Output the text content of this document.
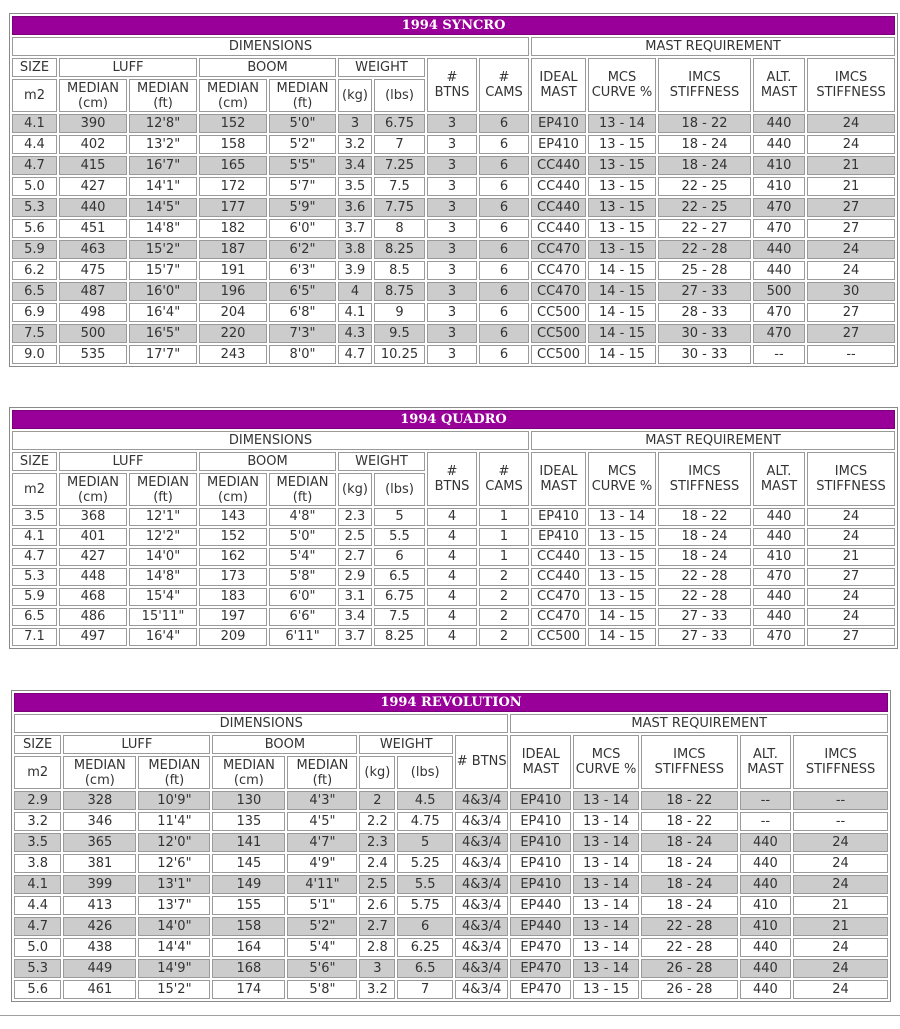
1994 SYNCRO													
DIMENSIONS									MAST REQUIREMENT				
SIZE	LUFF		BOOM		WEIGHT		# BTNS	# CAMS	IDEAL MAST	MCS CURVE %	IMCS STIFFNESS	ALT. MAST	IMCS STIFFNESS
m2	MEDIAN (cm)	MEDIAN (ft)	MEDIAN (cm)	MEDIAN (ft)	(kg)	(lbs)							
4.1	390	12'8"	152	5'0"	3	6.75	3	6	EP410	13 - 14	18 - 22	440	24
4.4	402	13'2"	158	5'2"	3.2	7	3	6	EP410	13 - 15	18 - 24	440	24
4.7	415	16'7"	165	5'5"	3.4	7.25	3	6	CC440	13 - 15	18 - 24	410	21
5.0	427	14'1"	172	5'7"	3.5	7.5	3	6	CC440	13 - 15	22 - 25	410	21
5.3	440	14'5"	177	5'9"	3.6	7.75	3	6	CC440	13 - 15	22 - 25	470	27
5.6	451	14'8"	182	6'0"	3.7	8	3	6	CC440	13 - 15	22 - 27	470	27
5.9	463	15'2"	187	6'2"	3.8	8.25	3	6	CC470	13 - 15	22 - 28	440	24
6.2	475	15'7"	191	6'3"	3.9	8.5	3	6	CC470	14 - 15	25 - 28	440	24
6.5	487	16'0"	196	6'5"	4	8.75	3	6	CC470	14 - 15	27 - 33	500	30
6.9	498	16'4"	204	6'8"	4.1	9	3	6	CC500	14 - 15	28 - 33	470	27
7.5	500	16'5"	220	7'3"	4.3	9.5	3	6	CC500	14 - 15	30 - 33	470	27
9.0	535	17'7"	243	8'0"	4.7	10.25	3	6	CC500	14 - 15	30 - 33	--	--
1994 QUADRO													
DIMENSIONS									MAST REQUIREMENT				
SIZE	LUFF		BOOM		WEIGHT		# BTNS	# CAMS	IDEAL MAST	MCS CURVE %	IMCS STIFFNESS	ALT. MAST	IMCS STIFFNESS
m2	MEDIAN (cm)	MEDIAN (ft)	MEDIAN (cm)	MEDIAN (ft)	(kg)	(lbs)							
3.5	368	12'1"	143	4'8"	2.3	5	4	1	EP410	13 - 14	18 - 22	440	24
4.1	401	12'2"	152	5'0"	2.5	5.5	4	1	EP410	13 - 15	18 - 24	440	24
4.7	427	14'0"	162	5'4"	2.7	6	4	1	CC440	13 - 15	18 - 24	410	21
5.3	448	14'8"	173	5'8"	2.9	6.5	4	2	CC440	13 - 15	22 - 28	470	27
5.9	468	15'4"	183	6'0"	3.1	6.75	4	2	CC470	13 - 15	22 - 28	440	24
6.5	486	15'11"	197	6'6"	3.4	7.5	4	2	CC470	14 - 15	27 - 33	440	24
7.1	497	16'4"	209	6'11"	3.7	8.25	4	2	CC500	14 - 15	27 - 33	470	27
1994 REVOLUTION												
DIMENSIONS								MAST REQUIREMENT				
SIZE	LUFF		BOOM		WEIGHT		# BTNS	IDEAL MAST	MCS CURVE %	IMCS STIFFNESS	ALT. MAST	IMCS STIFFNESS
m2	MEDIAN (cm)	MEDIAN (ft)	MEDIAN (cm)	MEDIAN (ft)	(kg)	(lbs)						
2.9	328	10'9"	130	4'3"	2	4.5	4&3/4	EP410	13 - 14	18 - 22	--	--
3.2	346	11'4"	135	4'5"	2.2	4.75	4&3/4	EP410	13 - 14	18 - 22	--	--
3.5	365	12'0"	141	4'7"	2.3	5	4&3/4	EP410	13 - 14	18 - 24	440	24
3.8	381	12'6"	145	4'9"	2.4	5.25	4&3/4	EP410	13 - 14	18 - 24	440	24
4.1	399	13'1"	149	4'11"	2.5	5.5	4&3/4	EP410	13 - 14	18 - 24	440	24
4.4	413	13'7"	155	5'1"	2.6	5.75	4&3/4	EP440	13 - 14	18 - 24	410	21
4.7	426	14'0"	158	5'2"	2.7	6	4&3/4	EP440	13 - 14	22 - 28	410	21
5.0	438	14'4"	164	5'4"	2.8	6.25	4&3/4	EP470	13 - 14	22 - 28	440	24
5.3	449	14'9"	168	5'6"	3	6.5	4&3/4	EP470	13 - 14	26 - 28	440	24
5.6	461	15'2"	174	5'8"	3.2	7	4&3/4	EP470	13 - 15	26 - 28	440	24
